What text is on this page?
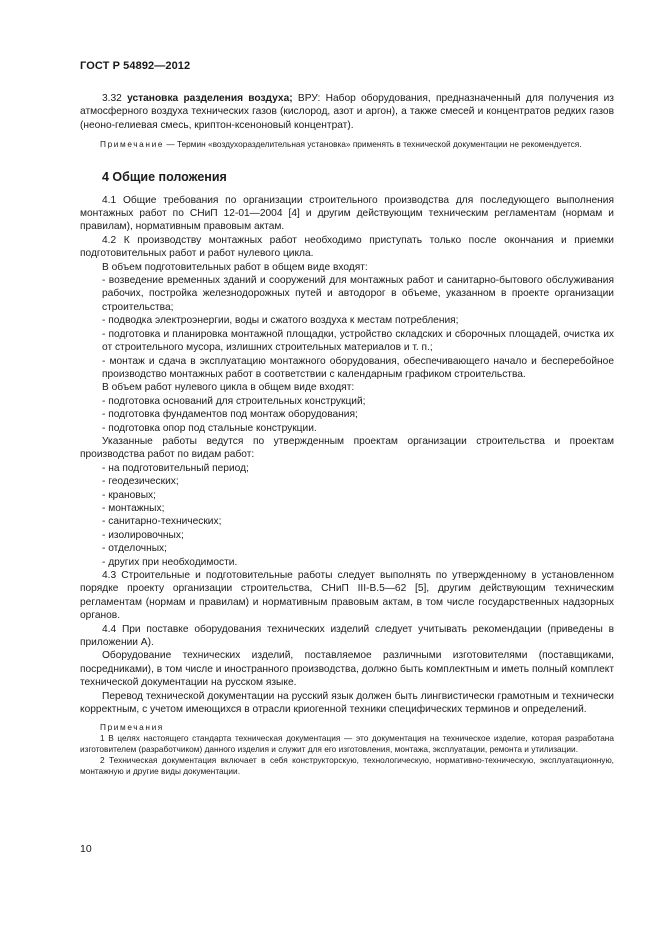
ГОСТ Р 54892—2012

3.32 установка разделения воздуха; ВРУ: Набор оборудования, предназначенный для получения из атмосферного воздуха технических газов (кислород, азот и аргон), а также смесей и концентратов редких газов (неоно-гелиевая смесь, криптон-ксеноновый концентрат).

Примечание — Термин «воздухоразделительная установка» применять в технической документации не рекомендуется.

4 Общие положения

4.1 Общие требования по организации строительного производства для последующего выполнения монтажных работ по СНиП 12-01—2004 [4] и другим действующим техническим регламентам (нормам и правилам), нормативным правовым актам.

4.2 К производству монтажных работ необходимо приступать только после окончания и приемки подготовительных работ и работ нулевого цикла.

В объем подготовительных работ в общем виде входят:

- возведение временных зданий и сооружений для монтажных работ и санитарно-бытового обслуживания рабочих, постройка железнодорожных путей и автодорог в объеме, указанном в проекте организации строительства;
- подводка электроэнергии, воды и сжатого воздуха к местам потребления;
- подготовка и планировка монтажной площадки, устройство складских и сборочных площадей, очистка их от строительного мусора, излишних строительных материалов и т. п.;
- монтаж и сдача в эксплуатацию монтажного оборудования, обеспечивающего начало и бесперебойное производство монтажных работ в соответствии с календарным графиком строительства.

В объем работ нулевого цикла в общем виде входят:

- подготовка оснований для строительных конструкций;
- подготовка фундаментов под монтаж оборудования;
- подготовка опор под стальные конструкции.

Указанные работы ведутся по утвержденным проектам организации строительства и проектам производства работ по видам работ:

- на подготовительный период;
- геодезических;
- крановых;
- монтажных;
- санитарно-технических;
- изолировочных;
- отделочных;
- других при необходимости.

4.3 Строительные и подготовительные работы следует выполнять по утвержденному в установленном порядке проекту организации строительства, СНиП III-В.5—62 [5], другим действующим техническим регламентам (нормам и правилам) и нормативным правовым актам, в том числе государственных надзорных органов.

4.4 При поставке оборудования технических изделий следует учитывать рекомендации (приведены в приложении А).

Оборудование технических изделий, поставляемое различными изготовителями (поставщиками, посредниками), в том числе и иностранного производства, должно быть комплектным и иметь полный комплект технической документации на русском языке.

Перевод технической документации на русский язык должен быть лингвистически грамотным и технически корректным, с учетом имеющихся в отрасли криогенной техники специфических терминов и определений.

Примечания

1 В целях настоящего стандарта техническая документация — это документация на техническое изделие, которая разработана изготовителем (разработчиком) данного изделия и служит для его изготовления, монтажа, эксплуатации, ремонта и утилизации.

2 Техническая документация включает в себя конструкторскую, технологическую, нормативно-техническую, эксплуатационную, монтажную и другие виды документации.

10
